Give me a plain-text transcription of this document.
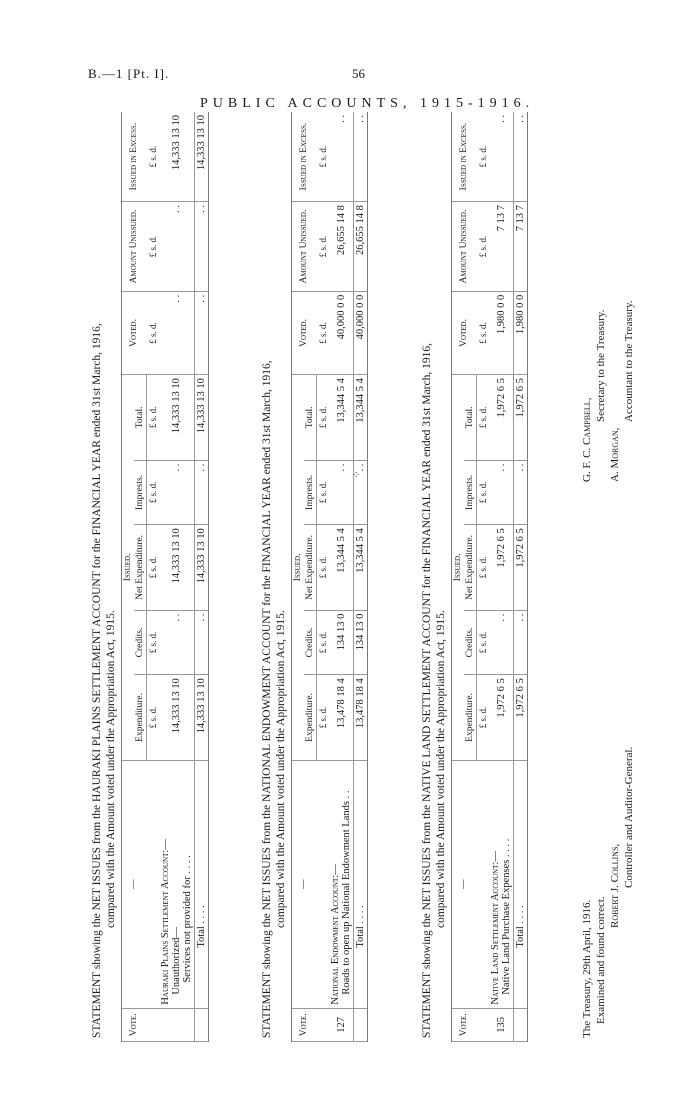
B.—1 [Pt. I].	56
PUBLIC ACCOUNTS, 1915-1916.
⁘
STATEMENT showing the NET ISSUES from the HAURAKI PLAINS SETTLEMENT ACCOUNT for the FINANCIAL YEAR ended 31st March, 1916, compared with the Amount voted under the Appropriation Act, 1915.
Vote.	—	Issued.					Voted.	Amount Unissued.	Issued in Excess.
		Expenditure.	Credits.	Net Expenditure.	Imprests.	Total.			
		£ s. d.	£ s. d.	£ s. d.	£ s. d.	£ s. d.	£ s. d.	£ s. d.	£ s. d.
	Hauraki Plains Settlement Account:— Unauthorized— Services not provided for . . . .	14,333 13 10	. .	14,333 13 10	. .	14,333 13 10	. .	. .	14,333 13 10
	Total . . . .	14,333 13 10	. .	14,333 13 10	. .	14,333 13 10	. .	. .	14,333 13 10
STATEMENT showing the NET ISSUES from the NATIONAL ENDOWMENT ACCOUNT for the FINANCIAL YEAR ended 31st March, 1916, compared with the Amount voted under the Appropriation Act, 1915.
Vote.	—	Issued.					Voted.	Amount Unissued.	Issued in Excess.
		Expenditure.	Credits.	Net Expenditure.	Imprests.	Total.			
		£ s. d.	£ s. d.	£ s. d.	£ s. d.	£ s. d.	£ s. d.	£ s. d.	£ s. d.
127	National Endowment Account:— Roads to open up National Endowment Lands . .	13,478 18 4	134 13 0	13,344 5 4	. .	13,344 5 4	40,000 0 0	26,655 14 8	. .
	Total . . . .	13,478 18 4	134 13 0	13,344 5 4	. .	13,344 5 4	40,000 0 0	26,655 14 8	. .
STATEMENT showing the NET ISSUES from the NATIVE LAND SETTLEMENT ACCOUNT for the FINANCIAL YEAR ended 31st March, 1916, compared with the Amount voted under the Appropriation Act, 1915.
Vote.	—	Issued.					Voted.	Amount Unissued.	Issued in Excess.
		Expenditure.	Credits.	Net Expenditure.	Imprests.	Total.			
		£ s. d.	£ s. d.	£ s. d.	£ s. d.	£ s. d.	£ s. d.	£ s. d.	£ s. d.
135	Native Land Settlement Account:— Native Land Purchase Expenses . . . .	1,972 6 5	. .	1,972 6 5	. .	1,972 6 5	1,980 0 0	7 13 7	. .
	Total . . . .	1,972 6 5	. .	1,972 6 5	. .	1,972 6 5	1,980 0 0	7 13 7	. .
The Treasury, 29th April, 1916. Examined and found correct.
Robert J. Collins, Controller and Auditor-General.
G. F. C. Campbell,
Secretary to the Treasury.
A. Morgan,
Accountant to the Treasury.
